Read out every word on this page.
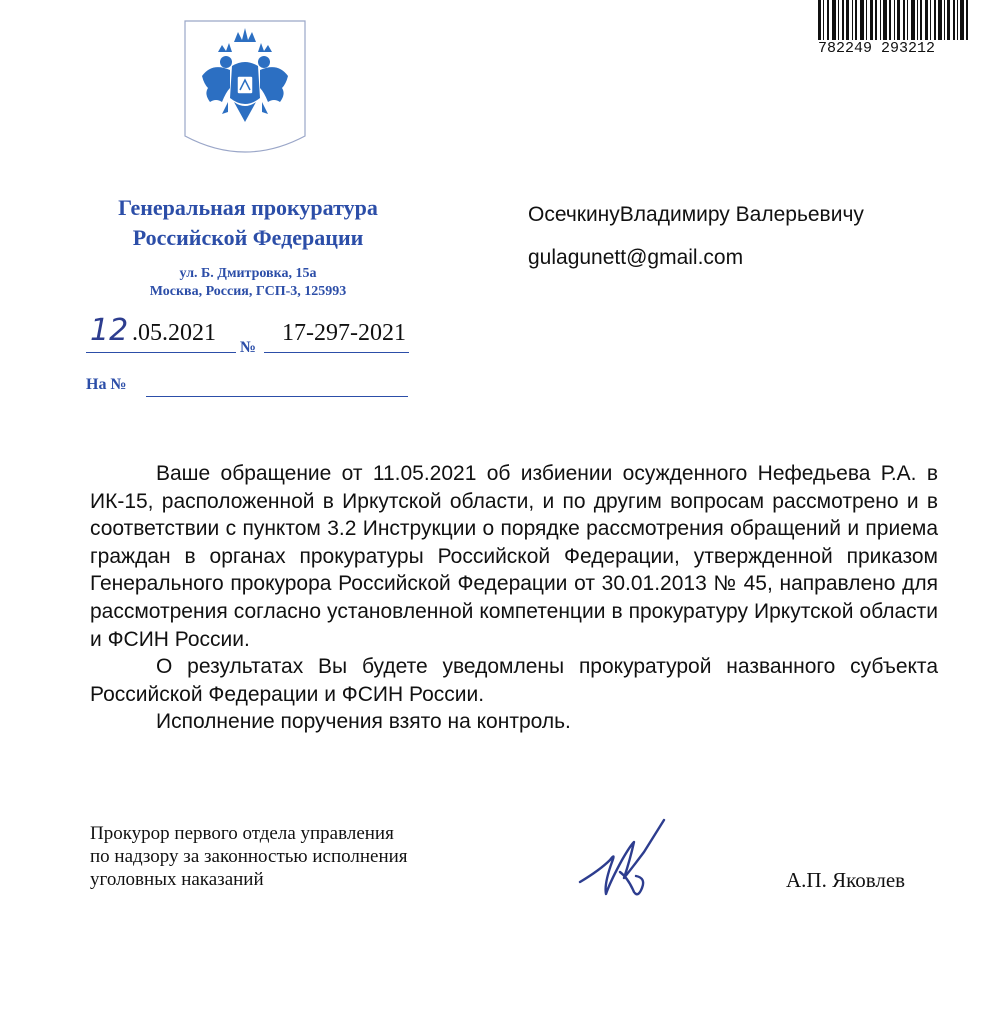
782249 293212
Генеральная прокуратура
Российской Федерации
ул. Б. Дмитровка, 15а
Москва, Россия, ГСП-3, 125993
12 .05.2021
№
17-297-2021
На №
ОсечкинуВладимиру Валерьевичу
gulagunett@gmail.com

Ваше обращение от 11.05.2021 об избиении осужденного Нефедьева Р.А. в ИК-15, расположенной в Иркутской области, и по другим вопросам рассмотрено и в соответствии с пунктом 3.2 Инструкции о порядке рассмотрения обращений и приема граждан в органах прокуратуры Российской Федерации, утвержденной приказом Генерального прокурора Российской Федерации от 30.01.2013 № 45, направлено для рассмотрения согласно установленной компетенции в прокуратуру Иркутской области и ФСИН России.

О результатах Вы будете уведомлены прокуратурой названного субъекта Российской Федерации и ФСИН России.

Исполнение поручения взято на контроль.

Прокурор первого отдела управления
по надзору за законностью исполнения
уголовных наказаний	А.П. Яковлев
